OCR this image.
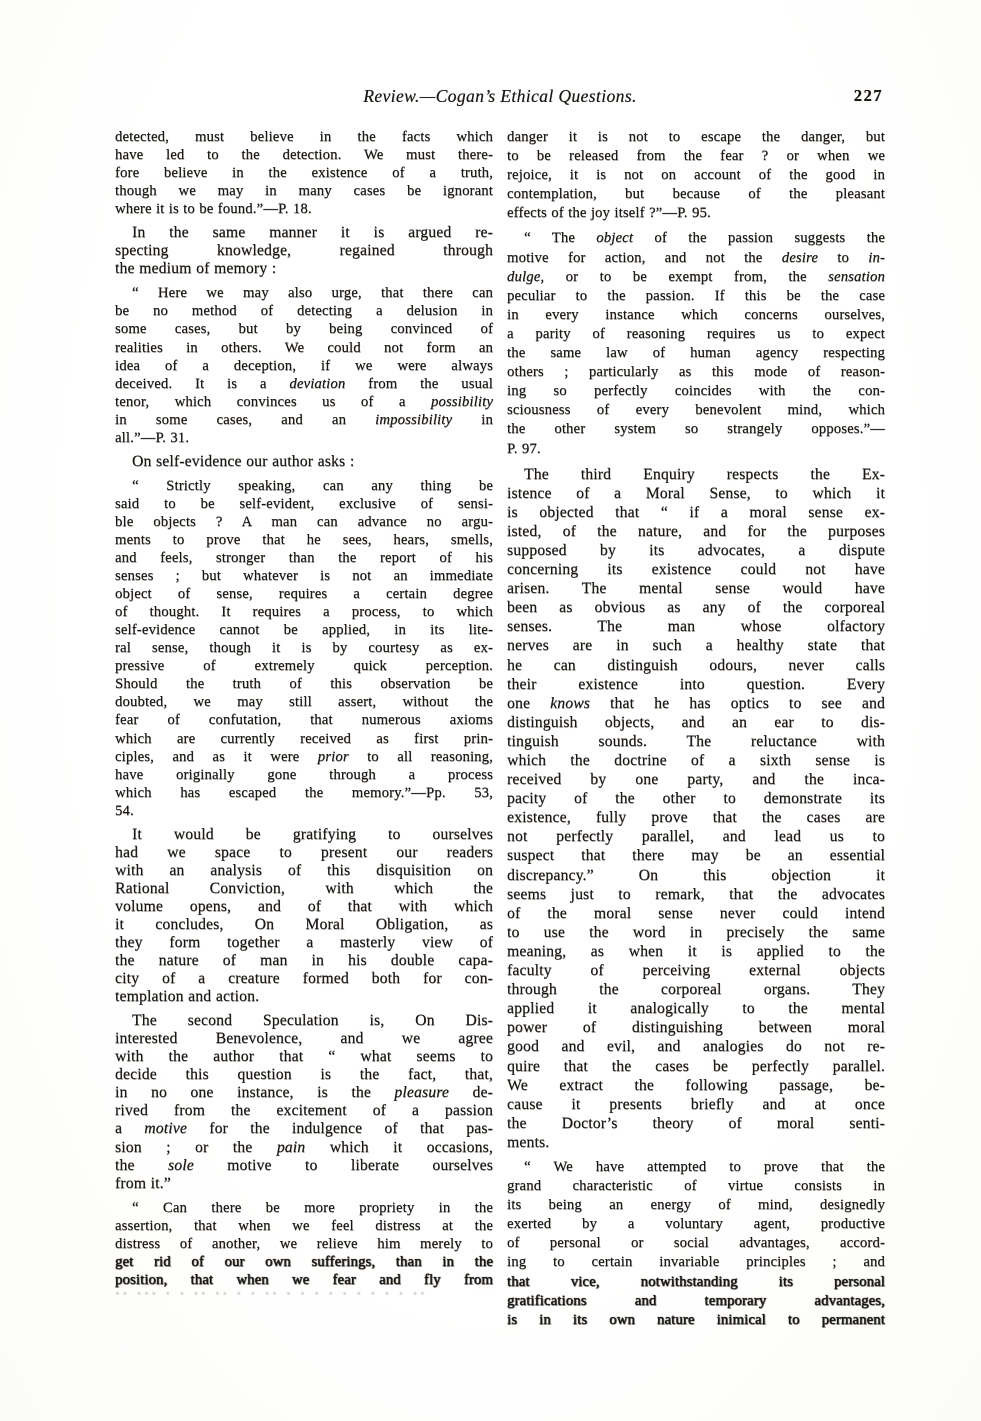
Review.—Cogan’s Ethical Questions.	227
detected, must believe in the facts which
have led to the detection. We must there-
fore believe in the existence of a truth,
though we may in many cases be ignorant
where it is to be found.”—P. 18.
In the same manner it is argued re-
specting knowledge, regained through
the medium of memory :
“ Here we may also urge, that there can
be no method of detecting a delusion in
some cases, but by being convinced of
realities in others. We could not form an
idea of a deception, if we were always
deceived. It is a deviation from the usual
tenor, which convinces us of a possibility
in some cases, and an impossibility in
all.”—P. 31.
On self-evidence our author asks :
“ Strictly speaking, can any thing be
said to be self-evident, exclusive of sensi-
ble objects ? A man can advance no argu-
ments to prove that he sees, hears, smells,
and feels, stronger than the report of his
senses ; but whatever is not an immediate
object of sense, requires a certain degree
of thought. It requires a process, to which
self-evidence cannot be applied, in its lite-
ral sense, though it is by courtesy as ex-
pressive of extremely quick perception.
Should the truth of this observation be
doubted, we may still assert, without the
fear of confutation, that numerous axioms
which are currently received as first prin-
ciples, and as it were prior to all reasoning,
have originally gone through a process
which has escaped the memory.”—Pp. 53,
54.
It would be gratifying to ourselves
had we space to present our readers
with an analysis of this disquisition on
Rational Conviction, with which the
volume opens, and of that with which
it concludes, On Moral Obligation, as
they form together a masterly view of
the nature of man in his double capa-
city of a creature formed both for con-
templation and action.
The second Speculation is, On Dis-
interested Benevolence, and we agree
with the author that “ what seems to
decide this question is the fact, that,
in no one instance, is the pleasure de-
rived from the excitement of a passion
a motive for the indulgence of that pas-
sion ; or the pain which it occasions,
the sole motive to liberate ourselves
from it.”
“ Can there be more propriety in the
assertion, that when we feel distress at the
distress of another, we relieve him merely to
get rid of our own sufferings, than in the
position, that when we fear and fly from
·· ··· · · ·· ·· · · ·· · · · · · · · · · ··
danger it is not to escape the danger, but
to be released from the fear ? or when we
rejoice, it is not on account of the good in
contemplation, but because of the pleasant
effects of the joy itself ?”—P. 95.
“ The object of the passion suggests the
motive for action, and not the desire to in-
dulge, or to be exempt from, the sensation
peculiar to the passion. If this be the case
in every instance which concerns ourselves,
a parity of reasoning requires us to expect
the same law of human agency respecting
others ; particularly as this mode of reason-
ing so perfectly coincides with the con-
sciousness of every benevolent mind, which
the other system so strangely opposes.”—
P. 97.
The third Enquiry respects the Ex-
istence of a Moral Sense, to which it
is objected that “ if a moral sense ex-
isted, of the nature, and for the purposes
supposed by its advocates, a dispute
concerning its existence could not have
arisen. The mental sense would have
been as obvious as any of the corporeal
senses. The man whose olfactory
nerves are in such a healthy state that
he can distinguish odours, never calls
their existence into question. Every
one knows that he has optics to see and
distinguish objects, and an ear to dis-
tinguish sounds. The reluctance with
which the doctrine of a sixth sense is
received by one party, and the inca-
pacity of the other to demonstrate its
existence, fully prove that the cases are
not perfectly parallel, and lead us to
suspect that there may be an essential
discrepancy.” On this objection it
seems just to remark, that the advocates
of the moral sense never could intend
to use the word in precisely the same
meaning, as when it is applied to the
faculty of perceiving external objects
through the corporeal organs. They
applied it analogically to the mental
power of distinguishing between moral
good and evil, and analogies do not re-
quire that the cases be perfectly parallel.
We extract the following passage, be-
cause it presents briefly and at once
the Doctor’s theory of moral senti-
ments.
“ We have attempted to prove that the
grand characteristic of virtue consists in
its being an energy of mind, designedly
exerted by a voluntary agent, productive
of personal or social advantages, accord-
ing to certain invariable principles ; and
that vice, notwithstanding its personal
gratifications and temporary advantages,
is in its own nature inimical to permanent
